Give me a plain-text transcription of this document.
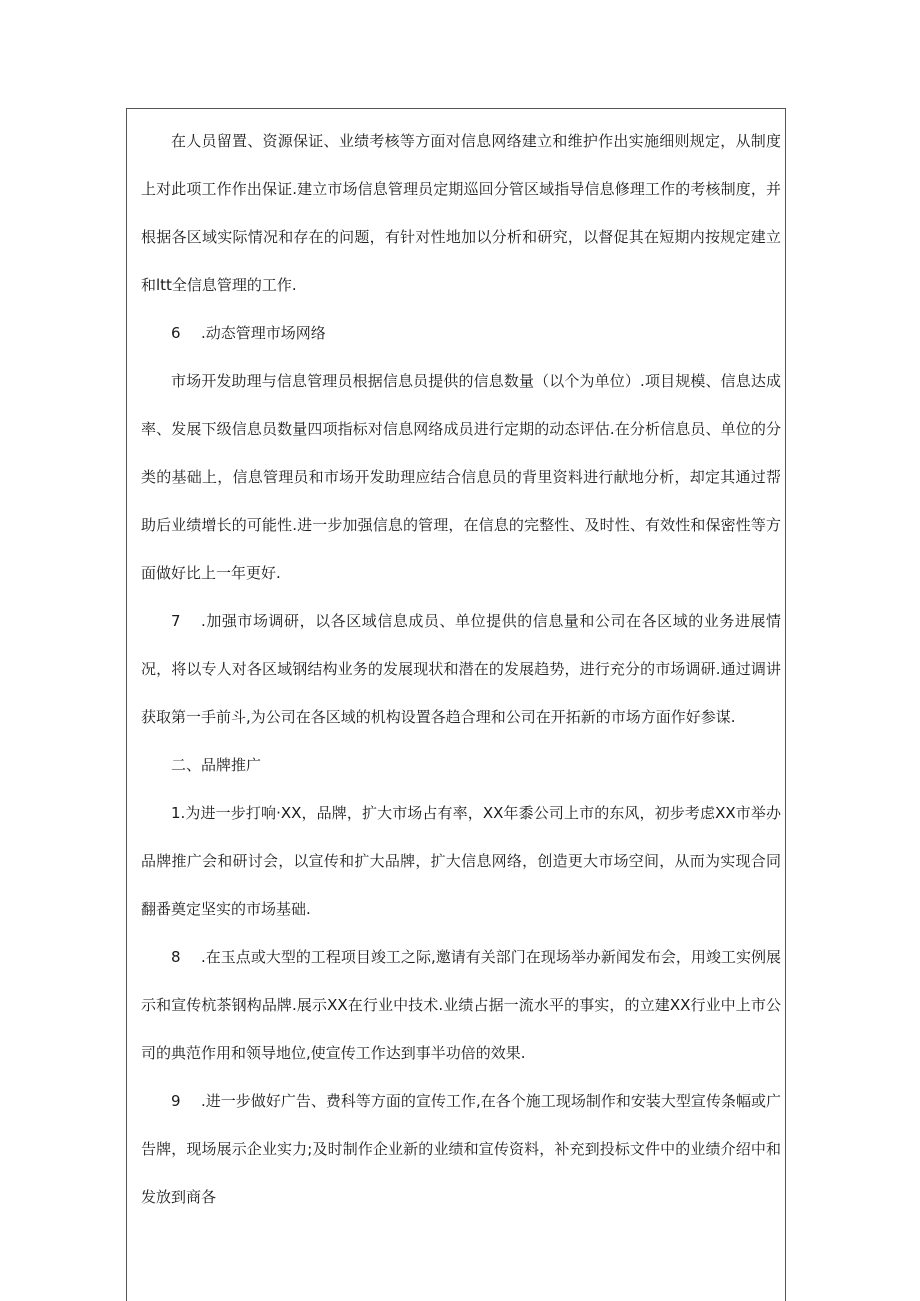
在人员留置、资源保证、业绩考核等方面对信息网络建立和维护作出实施细则规定，从制度上对此项工作作出保证.建立市场信息管理员定期巡回分管区域指导信息修理工作的考核制度，并根据各区域实际情况和存在的问题，有针对性地加以分析和研究，以督促其在短期内按规定建立和ltt全信息管理的工作.

6 .动态管理市场网络

市场开发助理与信息管理员根据信息员提供的信息数量（以个为单位）.项目规模、信息达成率、发展下级信息员数量四项指标对信息网络成员进行定期的动态评估.在分析信息员、单位的分类的基础上，信息管理员和市场开发助理应结合信息员的背里资料进行献地分析，却定其通过帮助后业绩增长的可能性.进一步加强信息的管理，在信息的完整性、及时性、有效性和保密性等方面做好比上一年更好.

7 .加强市场调研，以各区域信息成员、单位提供的信息量和公司在各区域的业务进展情况，将以专人对各区域钢结构业务的发展现状和潜在的发展趋势，进行充分的市场调研.通过调讲获取第一手前斗,为公司在各区域的机构设置各趋合理和公司在开拓新的市场方面作好参谋.

二、品牌推广

1.为进一步打响·XX，品牌，扩大市场占有率，XX年黍公司上市的东风，初步考虑XX市举办品牌推广会和研讨会，以宣传和扩大品牌，扩大信息网络，创造更大市场空间，从而为实现合同翻番奠定坚实的市场基础.

8 .在玉点或大型的工程项目竣工之际,邀请有关部门在现场举办新闻发布会，用竣工实例展示和宣传杭茶钢构品牌.展示XX在行业中技术.业绩占据一流水平的事实，的立建XX行业中上市公司的典范作用和领导地位,使宣传工作达到事半功倍的效果.

9 .进一步做好广告、费科等方面的宣传工作,在各个施工现场制作和安装大型宣传条幅或广告牌，现场展示企业实力;及时制作企业新的业绩和宣传资料，补充到投标文件中的业绩介绍中和发放到商各
